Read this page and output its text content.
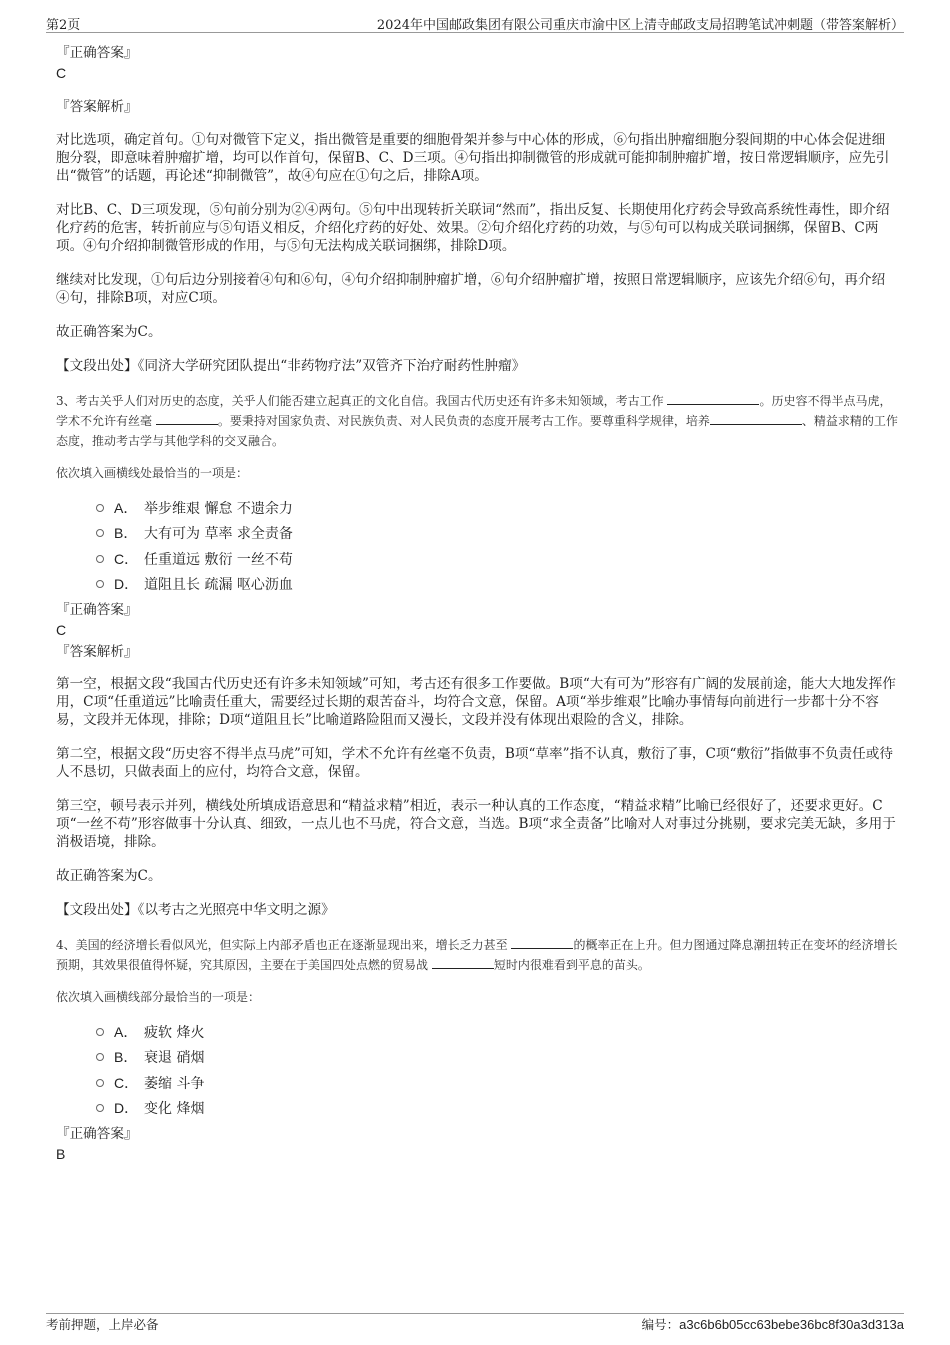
第2页	2024年中国邮政集团有限公司重庆市渝中区上清寺邮政支局招聘笔试冲刺题（带答案解析）

『正确答案』

C

『答案解析』

对比选项，确定首句。①句对微管下定义，指出微管是重要的细胞骨架并参与中心体的形成，⑥句指出肿瘤细胞分裂间期的中心体会促进细胞分裂，即意味着肿瘤扩增，均可以作首句，保留B、C、D三项。④句指出抑制微管的形成就可能抑制肿瘤扩增，按日常逻辑顺序，应先引出“微管”的话题，再论述“抑制微管”，故④句应在①句之后，排除A项。

对比B、C、D三项发现，⑤句前分别为②④两句。⑤句中出现转折关联词“然而”，指出反复、长期使用化疗药会导致高系统性毒性，即介绍化疗药的危害，转折前应与⑤句语义相反，介绍化疗药的好处、效果。②句介绍化疗药的功效，与⑤句可以构成关联词捆绑，保留B、C两项。④句介绍抑制微管形成的作用，与⑤句无法构成关联词捆绑，排除D项。

继续对比发现，①句后边分别接着④句和⑥句，④句介绍抑制肿瘤扩增，⑥句介绍肿瘤扩增，按照日常逻辑顺序，应该先介绍⑥句，再介绍④句，排除B项，对应C项。

故正确答案为C。

【文段出处】《同济大学研究团队提出“非药物疗法”双管齐下治疗耐药性肿瘤》

3、考古关乎人们对历史的态度，关乎人们能否建立起真正的文化自信。我国古代历史还有许多未知领域，考古工作	。历史容不得半点马虎，学术不允许有丝毫	。要秉持对国家负责、对民族负责、对人民负责的态度开展考古工作。要尊重科学规律，培养	、精益求精的工作态度，推动考古学与其他学科的交叉融合。

依次填入画横线处最恰当的一项是：

A． 举步维艰 懈怠 不遗余力
B． 大有可为 草率 求全责备
C． 任重道远 敷衍 一丝不苟
D． 道阻且长 疏漏 呕心沥血

『正确答案』

C

『答案解析』

第一空，根据文段“我国古代历史还有许多未知领域”可知，考古还有很多工作要做。B项“大有可为”形容有广阔的发展前途，能大大地发挥作用，C项“任重道远”比喻责任重大，需要经过长期的艰苦奋斗，均符合文意，保留。A项“举步维艰”比喻办事情每向前进行一步都十分不容易，文段并无体现，排除；D项“道阻且长”比喻道路险阻而又漫长，文段并没有体现出艰险的含义，排除。

第二空，根据文段“历史容不得半点马虎”可知，学术不允许有丝毫不负责，B项“草率”指不认真，敷衍了事，C项“敷衍”指做事不负责任或待人不恳切，只做表面上的应付，均符合文意，保留。

第三空，顿号表示并列，横线处所填成语意思和“精益求精”相近，表示一种认真的工作态度，“精益求精”比喻已经很好了，还要求更好。C项“一丝不苟”形容做事十分认真、细致，一点儿也不马虎，符合文意，当选。B项“求全责备”比喻对人对事过分挑剔，要求完美无缺，多用于消极语境，排除。

故正确答案为C。

【文段出处】《以考古之光照亮中华文明之源》

4、美国的经济增长看似风光，但实际上内部矛盾也正在逐渐显现出来，增长乏力甚至	的概率正在上升。但力图通过降息潮扭转正在变坏的经济增长预期，其效果很值得怀疑，究其原因，主要在于美国四处点燃的贸易战	短时内很难看到平息的苗头。

依次填入画横线部分最恰当的一项是：

A． 疲软 烽火
B． 衰退 硝烟
C． 萎缩 斗争
D． 变化 烽烟

『正确答案』

B

考前押题，上岸必备	编号：a3c6b6b05cc63bebe36bc8f30a3d313a
